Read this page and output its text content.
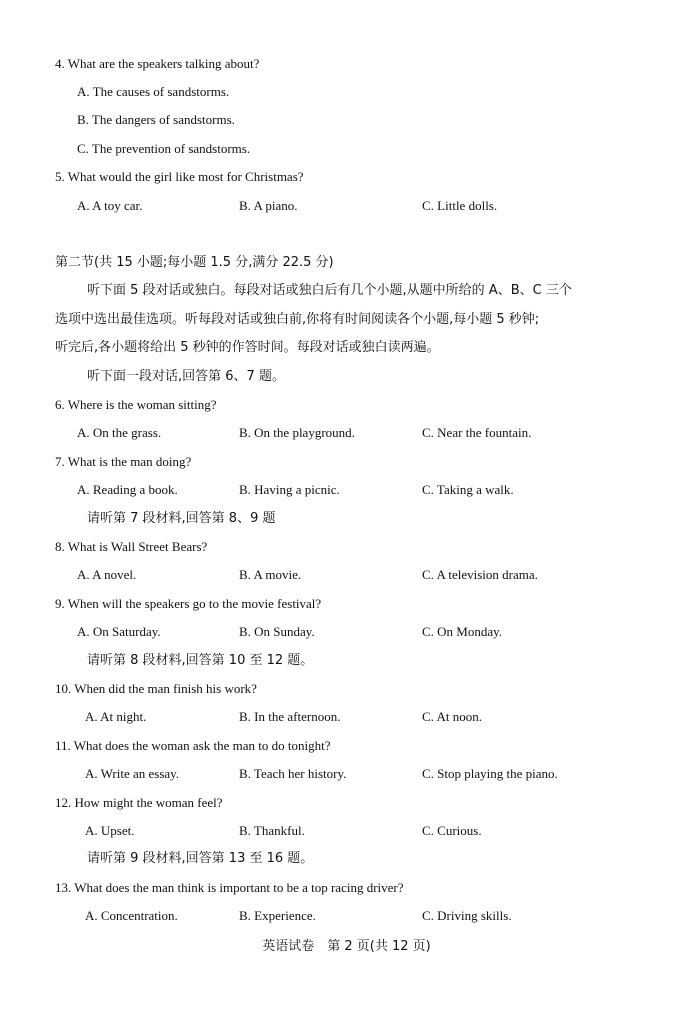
4. What are the speakers talking about?
A. The causes of sandstorms.
B. The dangers of sandstorms.
C. The prevention of sandstorms.
5. What would the girl like most for Christmas?
A. A toy car.	B. A piano.	C. Little dolls.
第二节(共 15 小题;每小题 1.5 分,满分 22.5 分)
听下面 5 段对话或独白。每段对话或独白后有几个小题,从题中所给的 A、B、C 三个
选项中选出最佳选项。听每段对话或独白前,你将有时间阅读各个小题,每小题 5 秒钟;
听完后,各小题将给出 5 秒钟的作答时间。每段对话或独白读两遍。
听下面一段对话,回答第 6、7 题。
6. Where is the woman sitting?
A. On the grass.	B. On the playground.	C. Near the fountain.
7. What is the man doing?
A. Reading a book.	B. Having a picnic.	C. Taking a walk.
请听第 7 段材料,回答第 8、9 题
8. What is Wall Street Bears?
A. A novel.	B. A movie.	C. A television drama.
9. When will the speakers go to the movie festival?
A. On Saturday.	B. On Sunday.	C. On Monday.
请听第 8 段材料,回答第 10 至 12 题。
10. When did the man finish his work?
A. At night.	B. In the afternoon.	C. At noon.
11. What does the woman ask the man to do tonight?
A. Write an essay.	B. Teach her history.	C. Stop playing the piano.
12. How might the woman feel?
A. Upset.	B. Thankful.	C. Curious.
请听第 9 段材料,回答第 13 至 16 题。
13. What does the man think is important to be a top racing driver?
A. Concentration.	B. Experience.	C. Driving skills.
英语试卷　第 2 页(共 12 页)
